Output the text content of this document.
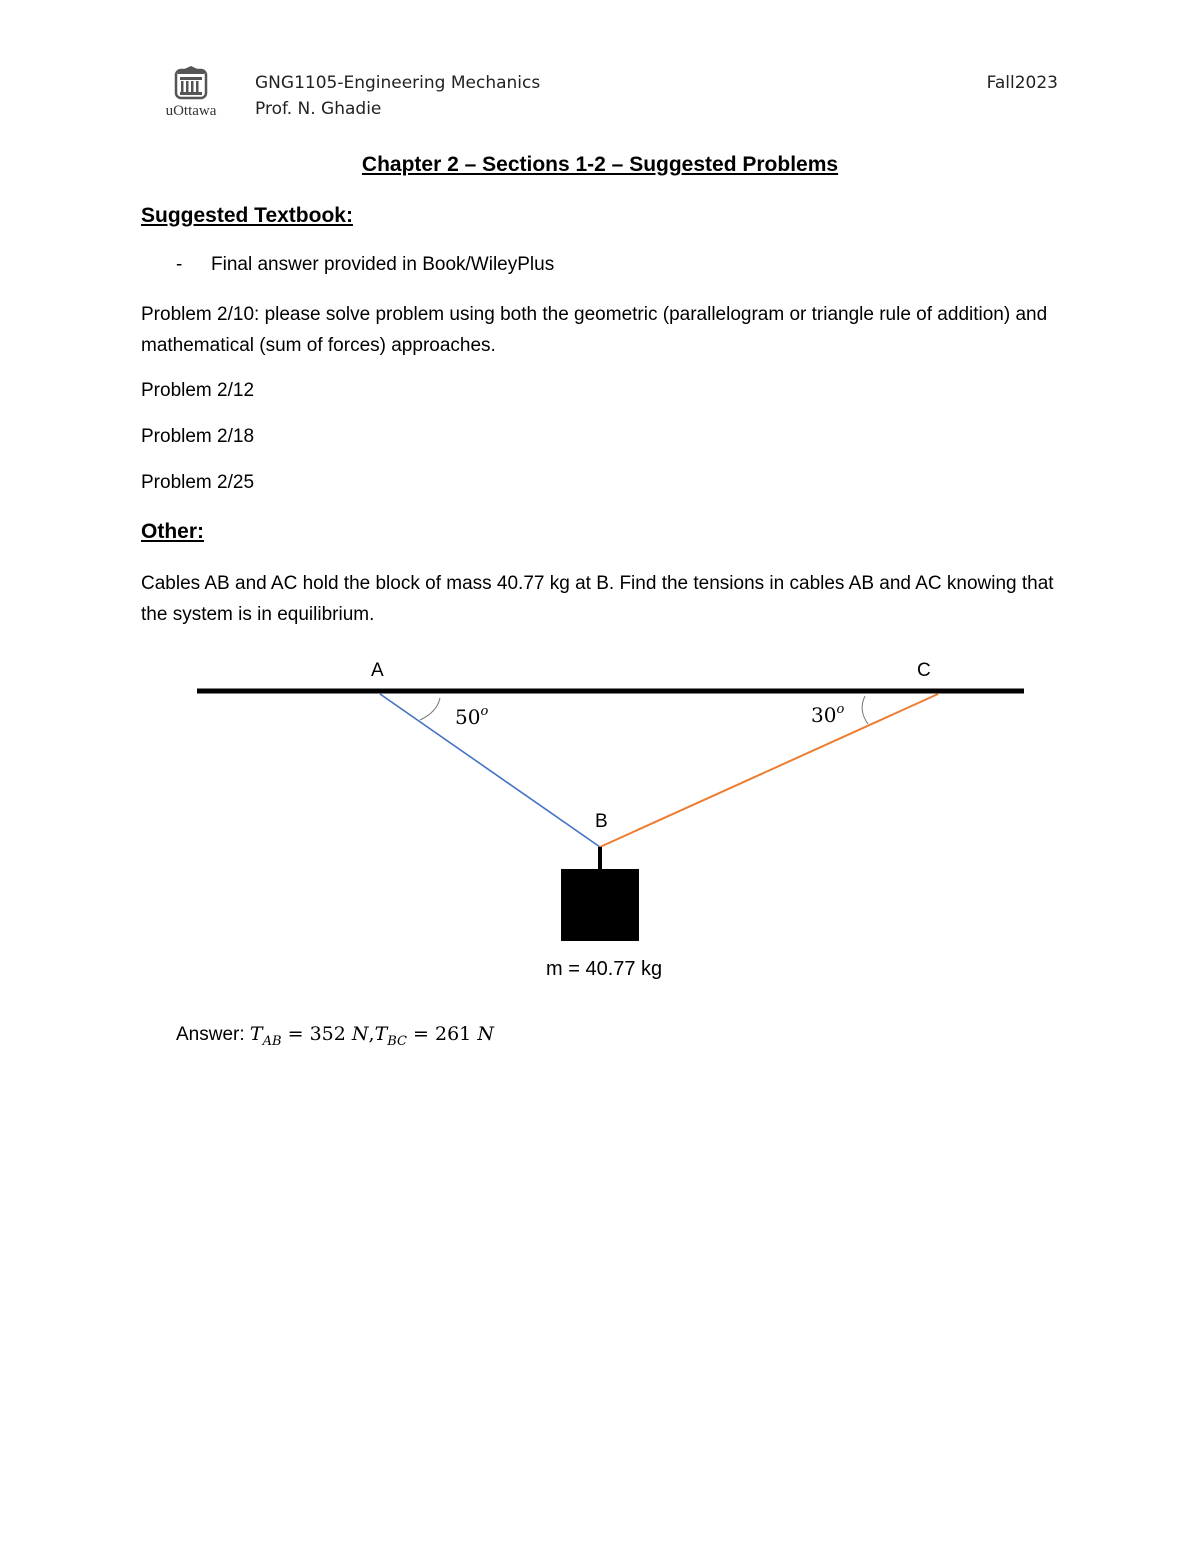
uOttawa
GNG1105-Engineering Mechanics
Prof. N. Ghadie
Fall2023
Chapter 2 – Sections 1-2 – Suggested Problems
Suggested Textbook:
- Final answer provided in Book/WileyPlus
Problem 2/10: please solve problem using both the geometric (parallelogram or triangle rule of addition) and mathematical (sum of forces) approaches.
Problem 2/12
Problem 2/18
Problem 2/25
Other:
Cables AB and AC hold the block of mass 40.77 kg at B. Find the tensions in cables AB and AC knowing that the system is in equilibrium.
A	C
B
50$^o$	30$^o$
m = 40.77 kg
Answer: $T_{AB} = 352$ $N,T_{BC} = 261$ N
